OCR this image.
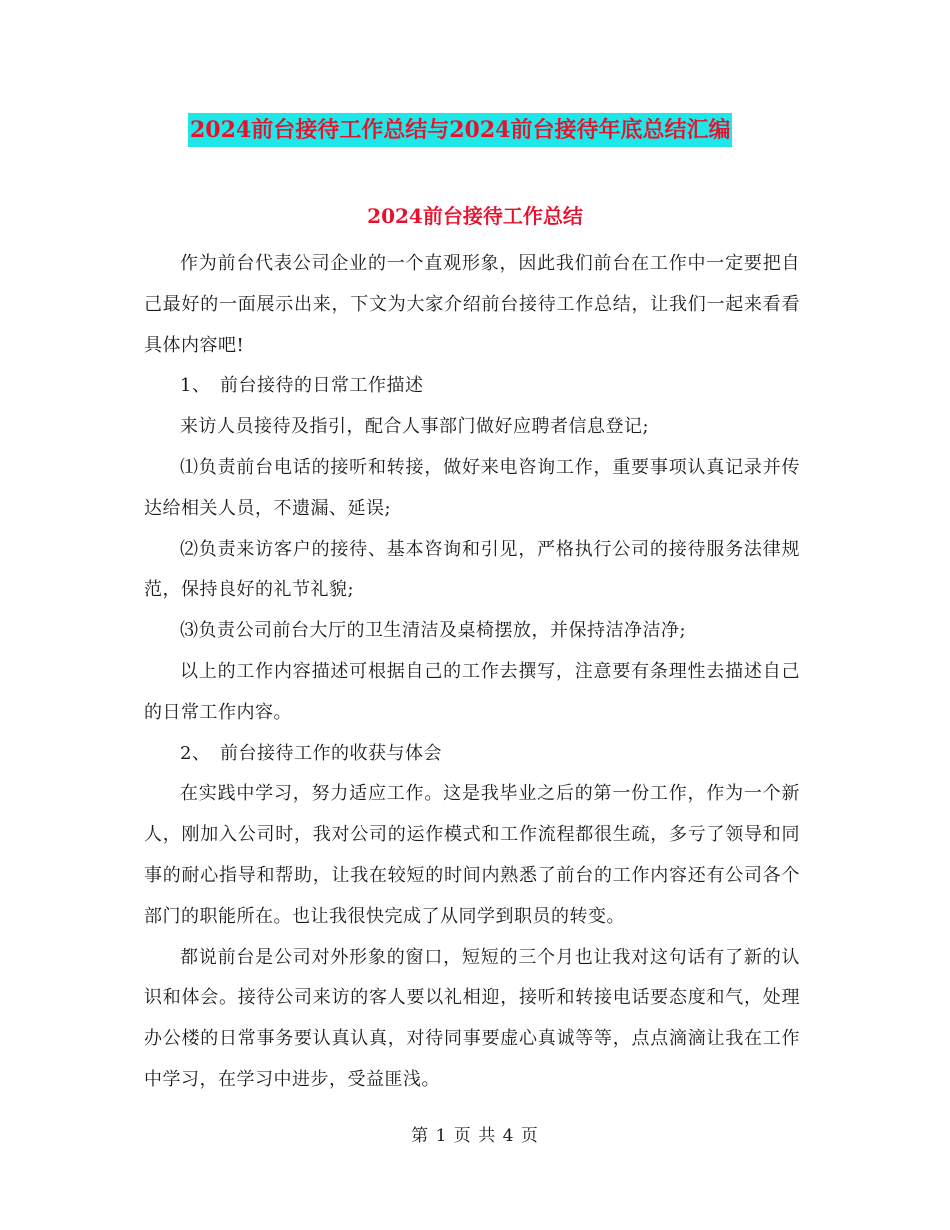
2024前台接待工作总结与2024前台接待年底总结汇编
2024前台接待工作总结

作为前台代表公司企业的一个直观形象，因此我们前台在工作中一定要把自己最好的一面展示出来，下文为大家介绍前台接待工作总结，让我们一起来看看具体内容吧!

1、　前台接待的日常工作描述

来访人员接待及指引，配合人事部门做好应聘者信息登记;

⑴负责前台电话的接听和转接，做好来电咨询工作，重要事项认真记录并传达给相关人员，不遗漏、延误;

⑵负责来访客户的接待、基本咨询和引见，严格执行公司的接待服务法律规范，保持良好的礼节礼貌;

⑶负责公司前台大厅的卫生清洁及桌椅摆放，并保持洁净洁净;

以上的工作内容描述可根据自己的工作去撰写，注意要有条理性去描述自己的日常工作内容。

2、　前台接待工作的收获与体会

在实践中学习，努力适应工作。这是我毕业之后的第一份工作，作为一个新人，刚加入公司时，我对公司的运作模式和工作流程都很生疏，多亏了领导和同事的耐心指导和帮助，让我在较短的时间内熟悉了前台的工作内容还有公司各个部门的职能所在。也让我很快完成了从同学到职员的转变。

都说前台是公司对外形象的窗口，短短的三个月也让我对这句话有了新的认识和体会。接待公司来访的客人要以礼相迎，接听和转接电话要态度和气，处理办公楼的日常事务要认真认真，对待同事要虚心真诚等等，点点滴滴让我在工作中学习，在学习中进步，受益匪浅。

第 1 页 共 4 页
